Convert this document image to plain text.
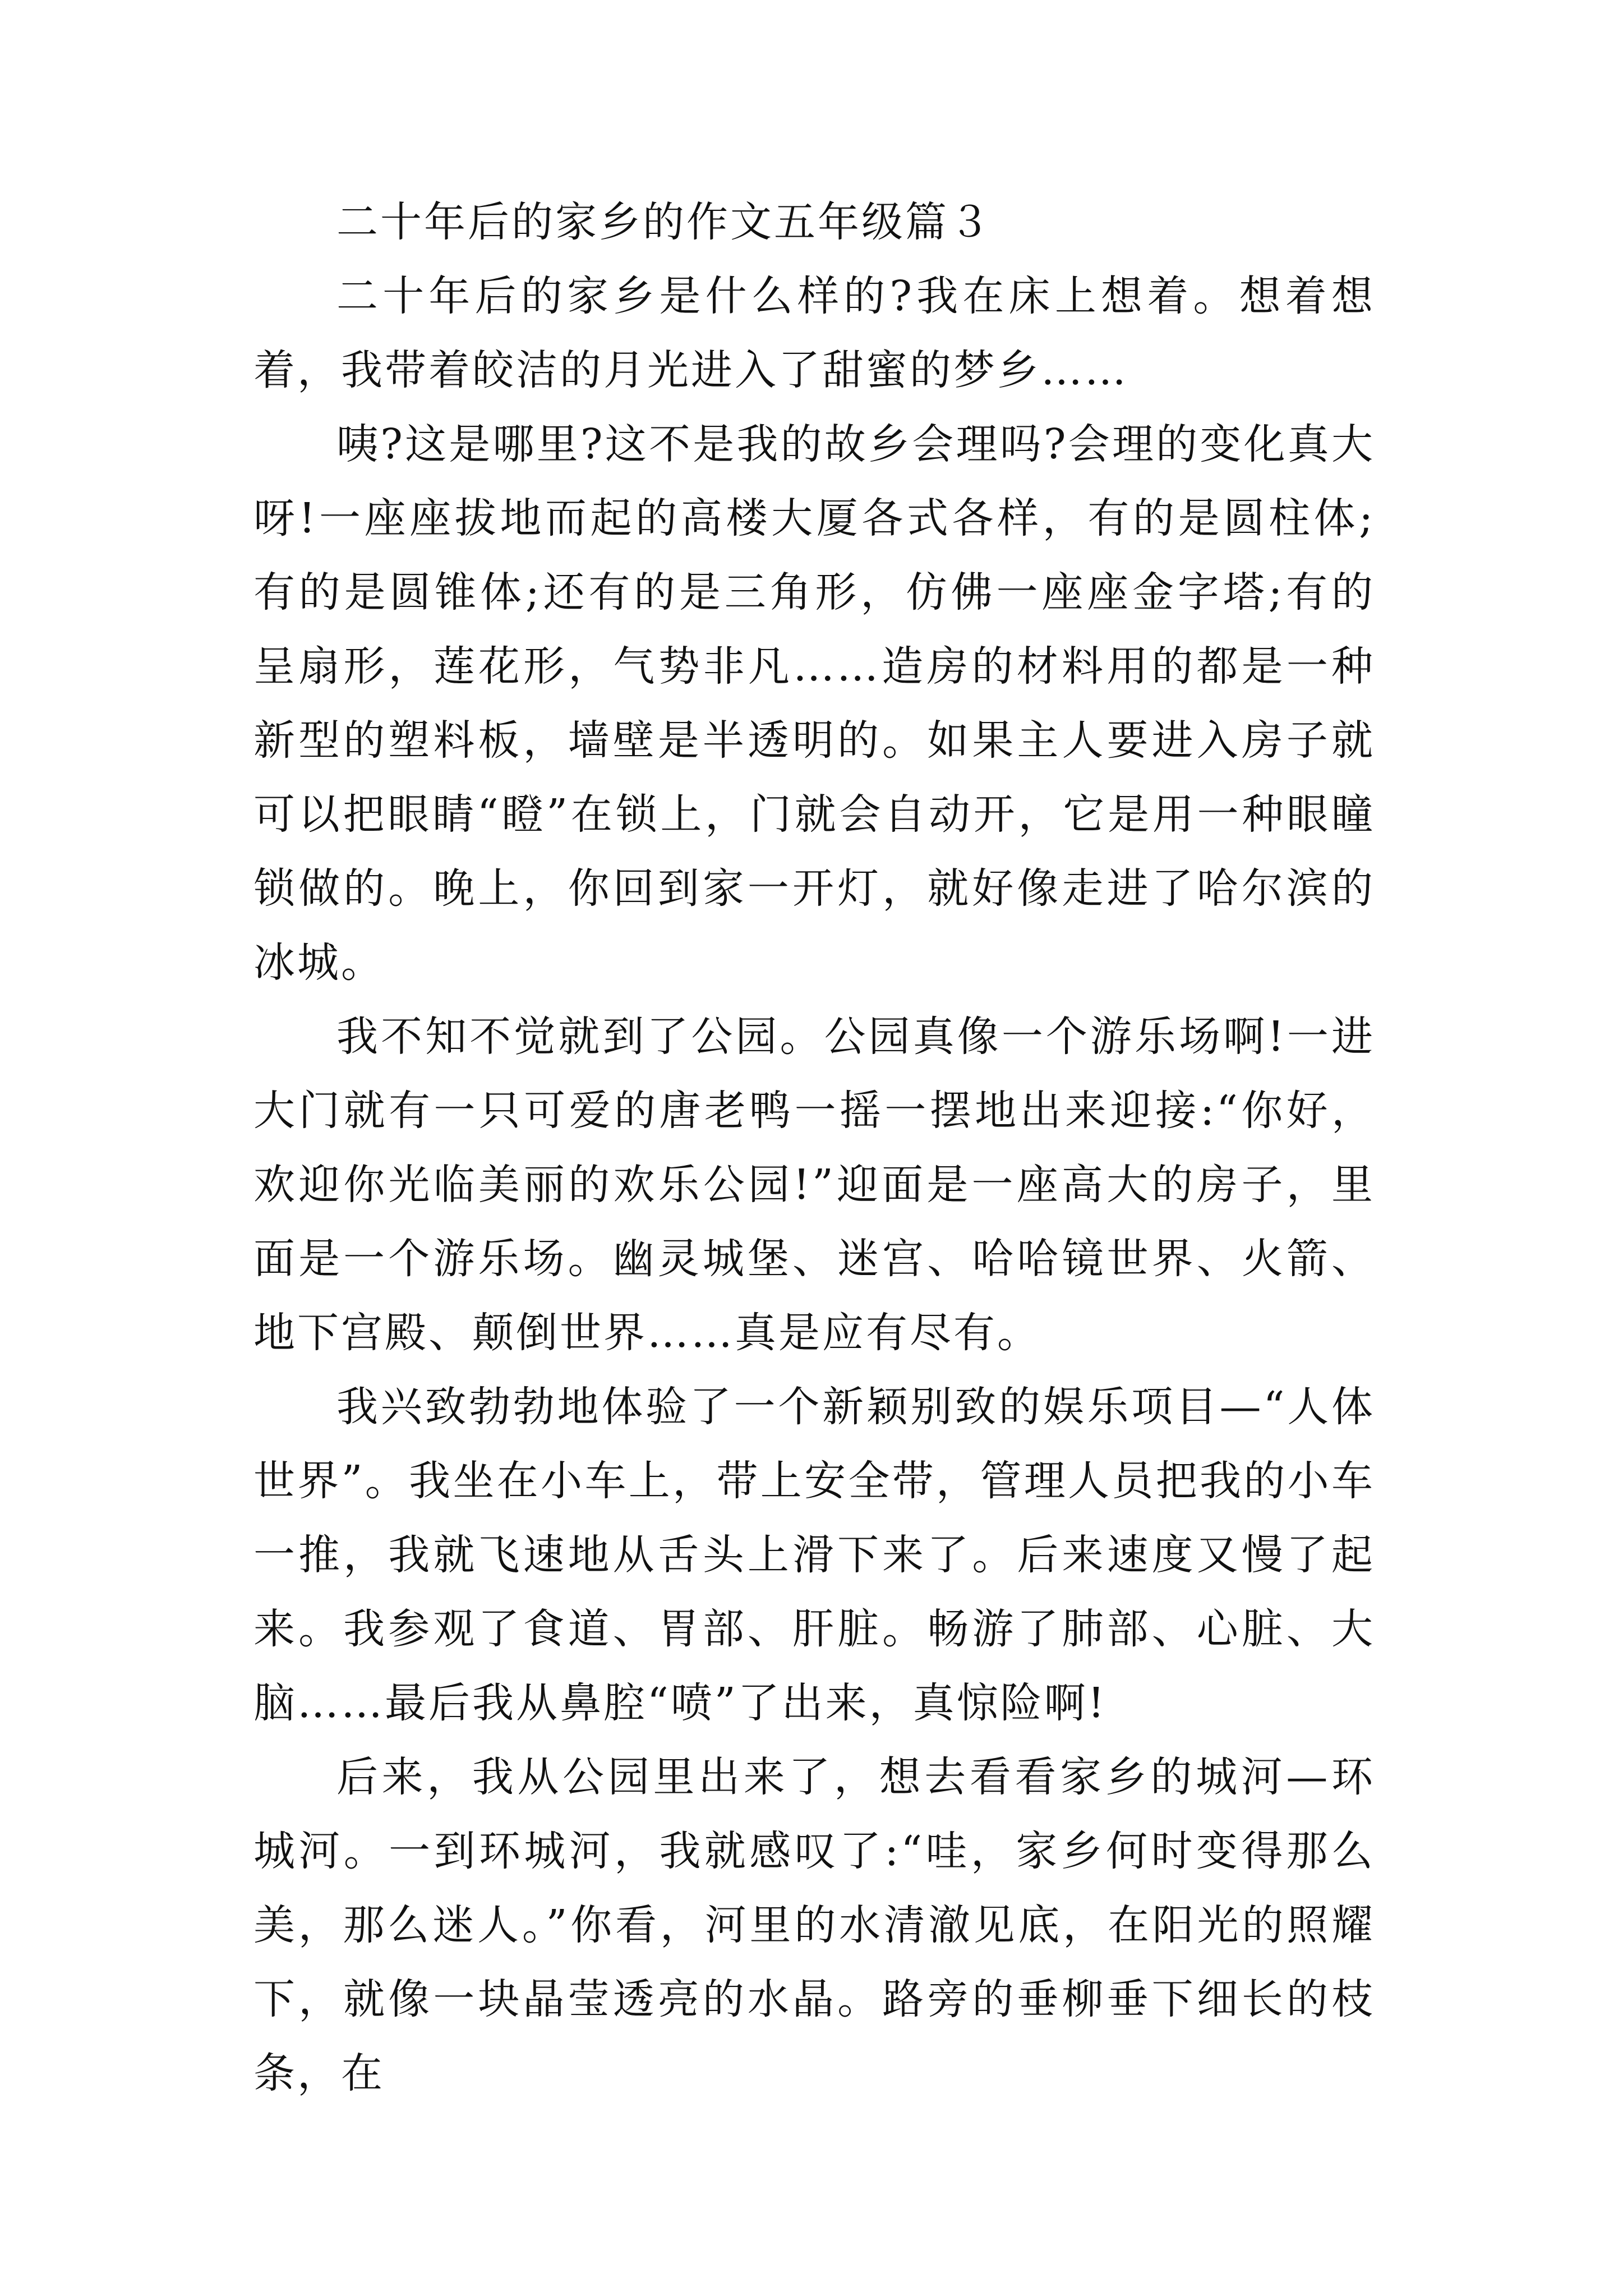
二十年后的家乡的作文五年级篇３

二十年后的家乡是什么样的?我在床上想着。想着想着，我带着皎洁的月光进入了甜蜜的梦乡……

咦?这是哪里?这不是我的故乡会理吗?会理的变化真大呀!一座座拔地而起的高楼大厦各式各样，有的是圆柱体;有的是圆锥体;还有的是三角形，仿佛一座座金字塔;有的呈扇形，莲花形，气势非凡……造房的材料用的都是一种新型的塑料板，墙壁是半透明的。如果主人要进入房子就可以把眼睛“瞪”在锁上，门就会自动开，它是用一种眼瞳锁做的。晚上，你回到家一开灯，就好像走进了哈尔滨的冰城。

我不知不觉就到了公园。公园真像一个游乐场啊!一进大门就有一只可爱的唐老鸭一摇一摆地出来迎接:“你好，欢迎你光临美丽的欢乐公园!”迎面是一座高大的房子，里面是一个游乐场。幽灵城堡、迷宫、哈哈镜世界、火箭、地下宫殿、颠倒世界……真是应有尽有。

我兴致勃勃地体验了一个新颖别致的娱乐项目—“人体世界”。我坐在小车上，带上安全带，管理人员把我的小车一推，我就飞速地从舌头上滑下来了。后来速度又慢了起来。我参观了食道、胃部、肝脏。畅游了肺部、心脏、大脑……最后我从鼻腔“喷”了出来，真惊险啊!

后来，我从公园里出来了，想去看看家乡的城河—环城河。一到环城河，我就感叹了:“哇，家乡何时变得那么美，那么迷人。”你看，河里的水清澈见底，在阳光的照耀下，就像一块晶莹透亮的水晶。路旁的垂柳垂下细长的枝条，在
